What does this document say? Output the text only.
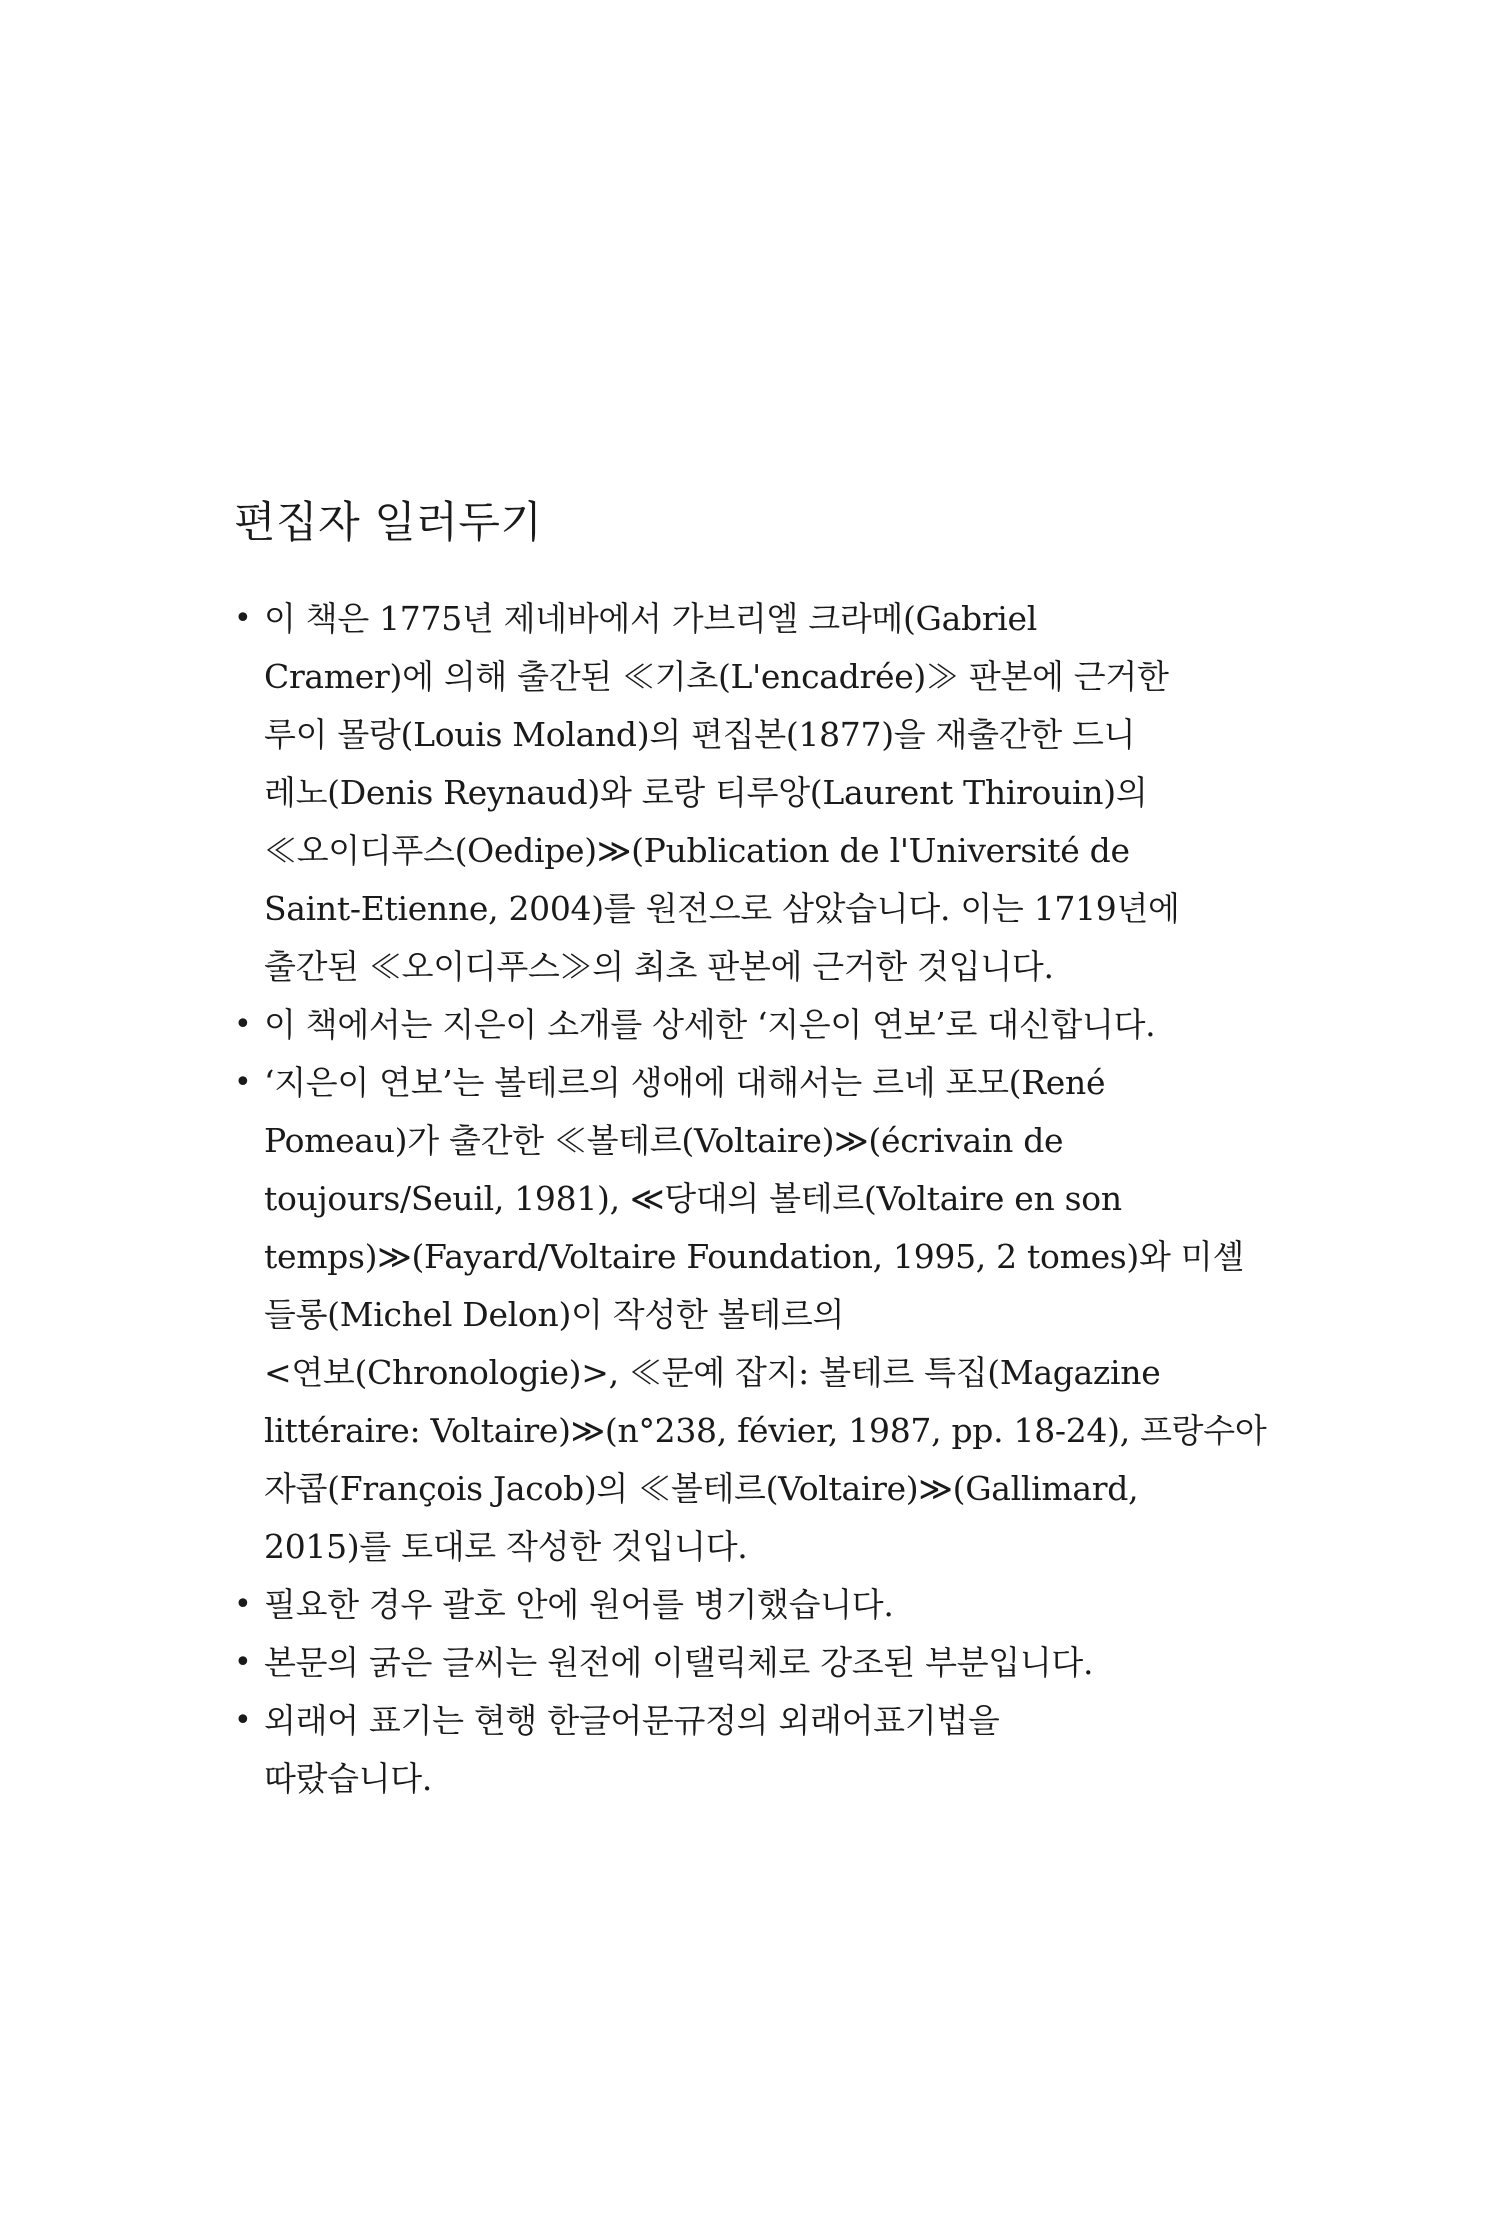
편집자 일러두기
• 이 책은 1775년 제네바에서 가브리엘 크라메(Gabriel
Cramer)에 의해 출간된 ≪기초(L'encadrée)≫ 판본에 근거한
루이 몰랑(Louis Moland)의 편집본(1877)을 재출간한 드니
레노(Denis Reynaud)와 로랑 티루앙(Laurent Thirouin)의
≪오이디푸스(Oedipe)≫(Publication de l'Université de
Saint-Etienne, 2004)를 원전으로 삼았습니다. 이는 1719년에
출간된 ≪오이디푸스≫의 최초 판본에 근거한 것입니다.
• 이 책에서는 지은이 소개를 상세한 ‘지은이 연보’로 대신합니다.
• ‘지은이 연보’는 볼테르의 생애에 대해서는 르네 포모(René
Pomeau)가 출간한 ≪볼테르(Voltaire)≫(écrivain de
toujours/Seuil, 1981), ≪당대의 볼테르(Voltaire en son
temps)≫(Fayard/Voltaire Foundation, 1995, 2 tomes)와 미셸
들롱(Michel Delon)이 작성한 볼테르의
<연보(Chronologie)>, ≪문예 잡지: 볼테르 특집(Magazine
littéraire: Voltaire)≫(n°238, févier, 1987, pp. 18-24), 프랑수아
자콥(François Jacob)의 ≪볼테르(Voltaire)≫(Gallimard,
2015)를 토대로 작성한 것입니다.
• 필요한 경우 괄호 안에 원어를 병기했습니다.
• 본문의 굵은 글씨는 원전에 이탤릭체로 강조된 부분입니다.
• 외래어 표기는 현행 한글어문규정의 외래어표기법을
따랐습니다.
